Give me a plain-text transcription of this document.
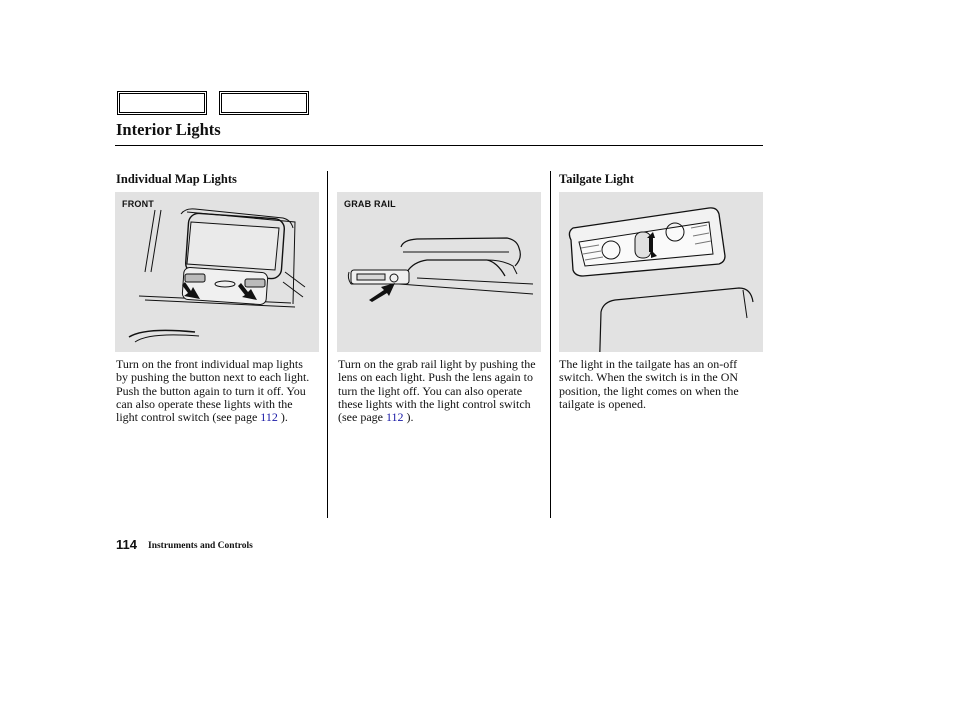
Interior Lights
Individual Map Lights
FRONT

Turn on the front individual map lights by pushing the button next to each light. Push the button again to turn it off. You can also operate these lights with the light control switch (see page 112 ).

GRAB RAIL

Turn on the grab rail light by pushing the lens on each light. Push the lens again to turn the light off. You can also operate these lights with the light control switch (see page 112 ).

Tailgate Light

The light in the tailgate has an on-off switch. When the switch is in the ON position, the light comes on when the tailgate is opened.

114 Instruments and Controls
